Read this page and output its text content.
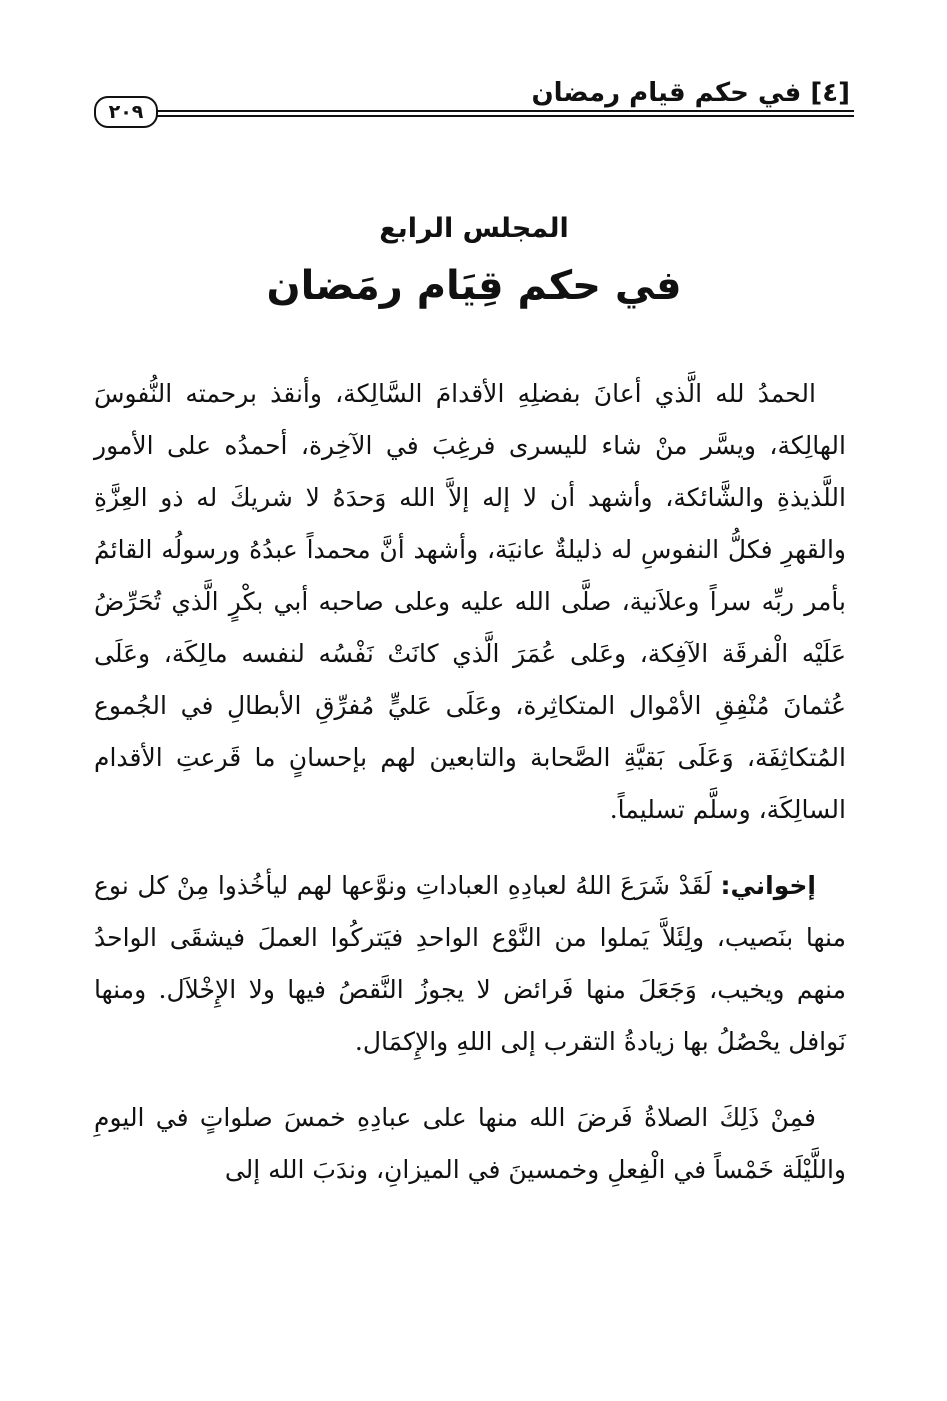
[٤] في حكم قيام رمضان
٢٠٩
المجلس الرابع
في حكم قِيَام رمَضان

الحمدُ لله الَّذي أعانَ بفضلِهِ الأقدامَ السَّالِكة، وأنقذ برحمته النُّفوسَ الهالِكة، ويسَّر منْ شاء لليسرى فرغِبَ في الآخِرة، أحمدُه على الأمور اللَّذيذةِ والشَّائكة، وأشهد أن لا إله إلاَّ الله وَحدَهُ لا شريكَ له ذو العِزَّةِ والقهرِ فكلُّ النفوسِ له ذليلةٌ عانيَة، وأشهد أنَّ محمداً عبدُهُ ورسولُه القائمُ بأمر ربِّه سراً وعلاَنية، صلَّى الله عليه وعلى صاحبه أبي بكْرٍ الَّذي تُحَرِّضُ عَلَيْه الْفرقَة الآفِكة، وعَلى عُمَرَ الَّذي كانَتْ نَفْسُه لنفسه مالِكَة، وعَلَى عُثمانَ مُنْفِقِ الأمْوال المتكاثِرة، وعَلَى عَليٍّ مُفرِّقِ الأبطالِ في الجُموع المُتكاثِفَة، وَعَلَى بَقيَّةِ الصَّحابة والتابعين لهم بإحسانٍ ما قَرعتِ الأقدام السالِكَة، وسلَّم تسليماً.

إخواني: لَقَدْ شَرَعَ اللهُ لعبادِهِ العباداتِ ونوَّعها لهم ليأخُذوا مِنْ كل نوع منها بنَصيب، ولِئَلاَّ يَملوا من النَّوْع الواحدِ فيَتركُوا العملَ فيشقَى الواحدُ منهم ويخيب، وَجَعَلَ منها فَرائض لا يجوزُ النَّقصُ فيها ولا الإِخْلاَل. ومنها نَوافل يحْصُلُ بها زيادةُ التقرب إلى اللهِ والإِكمَال.

فمِنْ ذَلِكَ الصلاةُ فَرضَ الله منها على عبادِهِ خمسَ صلواتٍ في اليومِ واللَّيْلَة خَمْساً في الْفِعلِ وخمسينَ في الميزانِ، وندَبَ الله إلى
